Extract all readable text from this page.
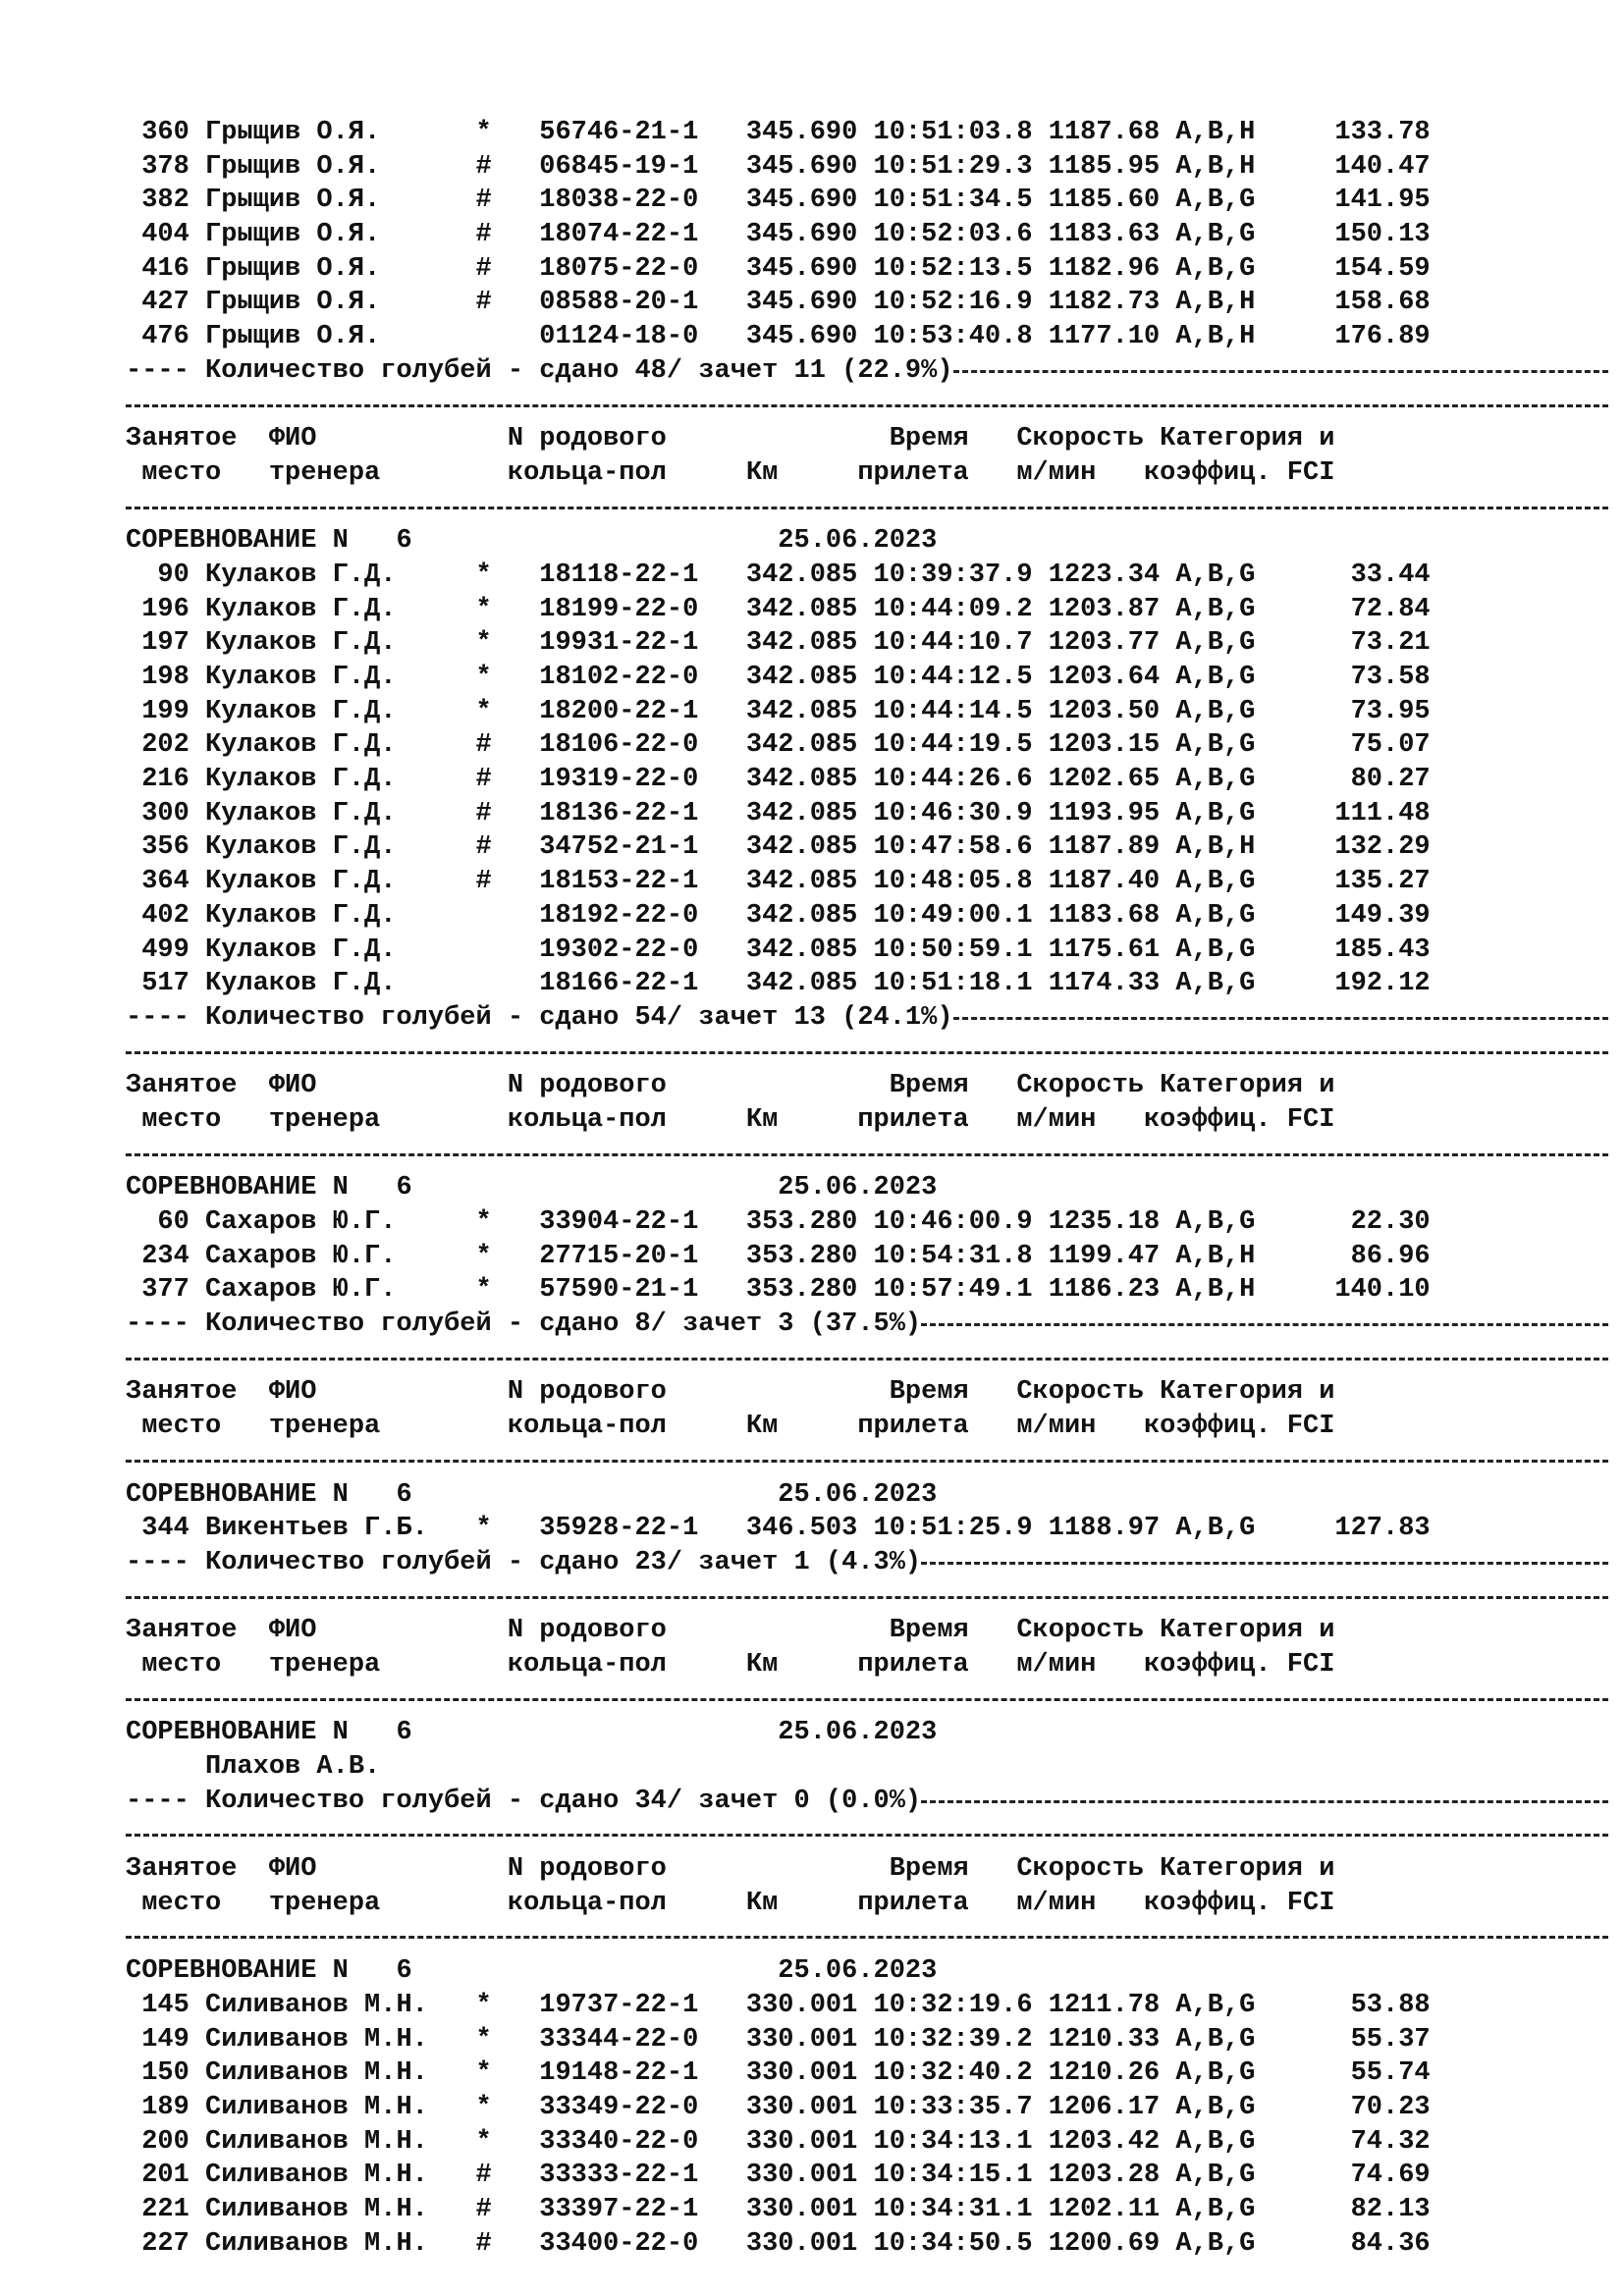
360 Грыщив О.Я.      *   56746-21-1   345.690 10:51:03.8 1187.68 A,B,H     133.78
378 Грыщив О.Я.      #   06845-19-1   345.690 10:51:29.3 1185.95 A,B,H     140.47
382 Грыщив О.Я.      #   18038-22-0   345.690 10:51:34.5 1185.60 A,B,G     141.95
404 Грыщив О.Я.      #   18074-22-1   345.690 10:52:03.6 1183.63 A,B,G     150.13
416 Грыщив О.Я.      #   18075-22-0   345.690 10:52:13.5 1182.96 A,B,G     154.59
427 Грыщив О.Я.      #   08588-20-1   345.690 10:52:16.9 1182.73 A,B,H     158.68
476 Грыщив О.Я.          01124-18-0   345.690 10:53:40.8 1177.10 A,B,H     176.89
---- Количество голубей - сдано 48/ зачет 11 (22.9%)
Занятое  ФИО            N родового              Время   Скорость Категория и
место   тренера        кольца-пол     Км     прилета   м/мин   коэффиц. FCI
СОРЕВНОВАНИЕ N   6                       25.06.2023
90 Кулаков Г.Д.     *   18118-22-1   342.085 10:39:37.9 1223.34 A,B,G      33.44
196 Кулаков Г.Д.     *   18199-22-0   342.085 10:44:09.2 1203.87 A,B,G      72.84
197 Кулаков Г.Д.     *   19931-22-1   342.085 10:44:10.7 1203.77 A,B,G      73.21
198 Кулаков Г.Д.     *   18102-22-0   342.085 10:44:12.5 1203.64 A,B,G      73.58
199 Кулаков Г.Д.     *   18200-22-1   342.085 10:44:14.5 1203.50 A,B,G      73.95
202 Кулаков Г.Д.     #   18106-22-0   342.085 10:44:19.5 1203.15 A,B,G      75.07
216 Кулаков Г.Д.     #   19319-22-0   342.085 10:44:26.6 1202.65 A,B,G      80.27
300 Кулаков Г.Д.     #   18136-22-1   342.085 10:46:30.9 1193.95 A,B,G     111.48
356 Кулаков Г.Д.     #   34752-21-1   342.085 10:47:58.6 1187.89 A,B,H     132.29
364 Кулаков Г.Д.     #   18153-22-1   342.085 10:48:05.8 1187.40 A,B,G     135.27
402 Кулаков Г.Д.         18192-22-0   342.085 10:49:00.1 1183.68 A,B,G     149.39
499 Кулаков Г.Д.         19302-22-0   342.085 10:50:59.1 1175.61 A,B,G     185.43
517 Кулаков Г.Д.         18166-22-1   342.085 10:51:18.1 1174.33 A,B,G     192.12
---- Количество голубей - сдано 54/ зачет 13 (24.1%)
Занятое  ФИО            N родового              Время   Скорость Категория и
место   тренера        кольца-пол     Км     прилета   м/мин   коэффиц. FCI
СОРЕВНОВАНИЕ N   6                       25.06.2023
60 Сахаров Ю.Г.     *   33904-22-1   353.280 10:46:00.9 1235.18 A,B,G      22.30
234 Сахаров Ю.Г.     *   27715-20-1   353.280 10:54:31.8 1199.47 A,B,H      86.96
377 Сахаров Ю.Г.     *   57590-21-1   353.280 10:57:49.1 1186.23 A,B,H     140.10
---- Количество голубей - сдано 8/ зачет 3 (37.5%)
Занятое  ФИО            N родового              Время   Скорость Категория и
место   тренера        кольца-пол     Км     прилета   м/мин   коэффиц. FCI
СОРЕВНОВАНИЕ N   6                       25.06.2023
344 Викентьев Г.Б.   *   35928-22-1   346.503 10:51:25.9 1188.97 A,B,G     127.83
---- Количество голубей - сдано 23/ зачет 1 (4.3%)
Занятое  ФИО            N родового              Время   Скорость Категория и
место   тренера        кольца-пол     Км     прилета   м/мин   коэффиц. FCI
СОРЕВНОВАНИЕ N   6                       25.06.2023
Плахов А.В.
---- Количество голубей - сдано 34/ зачет 0 (0.0%)
Занятое  ФИО            N родового              Время   Скорость Категория и
место   тренера        кольца-пол     Км     прилета   м/мин   коэффиц. FCI
СОРЕВНОВАНИЕ N   6                       25.06.2023
145 Силиванов М.Н.   *   19737-22-1   330.001 10:32:19.6 1211.78 A,B,G      53.88
149 Силиванов М.Н.   *   33344-22-0   330.001 10:32:39.2 1210.33 A,B,G      55.37
150 Силиванов М.Н.   *   19148-22-1   330.001 10:32:40.2 1210.26 A,B,G      55.74
189 Силиванов М.Н.   *   33349-22-0   330.001 10:33:35.7 1206.17 A,B,G      70.23
200 Силиванов М.Н.   *   33340-22-0   330.001 10:34:13.1 1203.42 A,B,G      74.32
201 Силиванов М.Н.   #   33333-22-1   330.001 10:34:15.1 1203.28 A,B,G      74.69
221 Силиванов М.Н.   #   33397-22-1   330.001 10:34:31.1 1202.11 A,B,G      82.13
227 Силиванов М.Н.   #   33400-22-0   330.001 10:34:50.5 1200.69 A,B,G      84.36
